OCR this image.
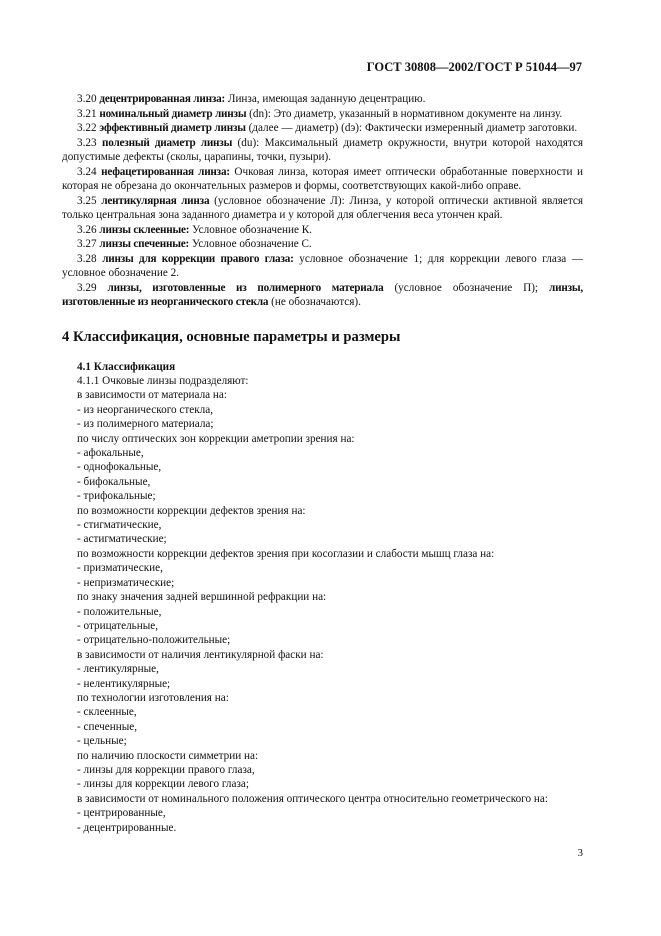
ГОСТ 30808—2002/ГОСТ Р 51044—97

3.20 децентрированная линза: Линза, имеющая заданную децентрацию.

3.21 номинальный диаметр линзы (dn): Это диаметр, указанный в нормативном документе на линзу.

3.22 эффективный диаметр линзы (далее — диаметр) (dэ): Фактически измеренный диаметр заготовки.

3.23 полезный диаметр линзы (du): Максимальный диаметр окружности, внутри которой находятся допустимые дефекты (сколы, царапины, точки, пузыри).

3.24 нефацетированная линза: Очковая линза, которая имеет оптически обработанные поверхности и которая не обрезана до окончательных размеров и формы, соответствующих какой-либо оправе.

3.25 лентикулярная линза (условное обозначение Л): Линза, у которой оптически активной является только центральная зона заданного диаметра и у которой для облегчения веса утончен край.

3.26 линзы склеенные: Условное обозначение К.

3.27 линзы спеченные: Условное обозначение С.

3.28 линзы для коррекции правого глаза: условное обозначение 1; для коррекции левого глаза — условное обозначение 2.

3.29 линзы, изготовленные из полимерного материала (условное обозначение П); линзы, изготовленные из неорганического стекла (не обозначаются).

4 Классификация, основные параметры и размеры
4.1 Классификация

4.1.1 Очковые линзы подразделяют:

в зависимости от материала на:

- из неорганического стекла,

- из полимерного материала;

по числу оптических зон коррекции аметропии зрения на:

- афокальные,

- однофокальные,

- бифокальные,

- трифокальные;

по возможности коррекции дефектов зрения на:

- стигматические,

- астигматические;

по возможности коррекции дефектов зрения при косоглазии и слабости мышц глаза на:

- призматические,

- непризматические;

по знаку значения задней вершинной рефракции на:

- положительные,

- отрицательные,

- отрицательно-положительные;

в зависимости от наличия лентикулярной фаски на:

- лентикулярные,

- нелентикулярные;

по технологии изготовления на:

- склеенные,

- спеченные,

- цельные;

по наличию плоскости симметрии на:

- линзы для коррекции правого глаза,

- линзы для коррекции левого глаза;

в зависимости от номинального положения оптического центра относительно геометрического на:

- центрированные,

- децентрированные.

3
